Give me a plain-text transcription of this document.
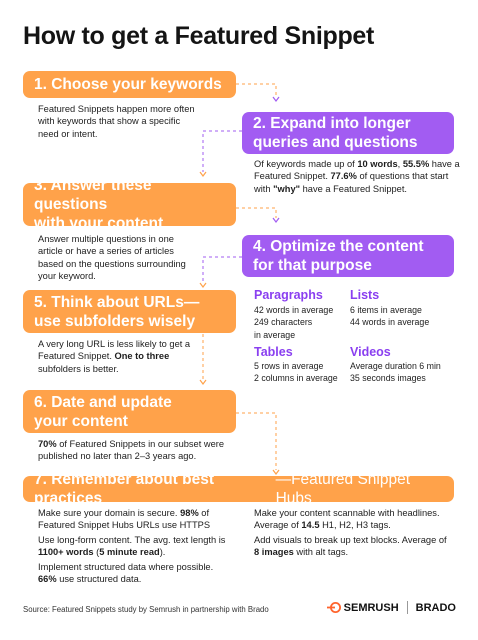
How to get a Featured Snippet
1. Choose your keywords
Featured Snippets happen more often with keywords that show a specific need or intent.
2. Expand into longer
queries and questions
Of keywords made up of 10 words, 55.5% have a Featured Snippet. 77.6% of questions that start with "why" have a Featured Snippet.
3. Answer these questions
with your content
Answer multiple questions in one article or have a series of articles based on the questions surrounding your keyword.
4. Optimize the content
for that purpose
Paragraphs
42 words in average
249 characters
in average
Lists
6 items in average
44 words in average
Tables
5 rows in average
2 columns in average
Videos
Average duration 6 min
35 seconds images
5. Think about URLs—
use subfolders wisely
A very long URL is less likely to get a Featured Snippet. One to three subfolders is better.
6. Date and update
your content
70% of Featured Snippets in our subset were published no later than 2–3 years ago.
7. Remember about best practices
—Featured Snippet Hubs
Make sure your domain is secure. 98% of Featured Snippet Hubs URLs use HTTPS
Use long-form content. The avg. text length is 1100+ words (5 minute read).
Implement structured data where possible. 66% use structured data.
Make your content scannable with headlines. Average of 14.5 H1, H2, H3 tags.
Add visuals to break up text blocks. Average of 8 images with alt tags.
Source: Featured Snippets study by Semrush in partnership with Brado	SEMRUSH BRADO
